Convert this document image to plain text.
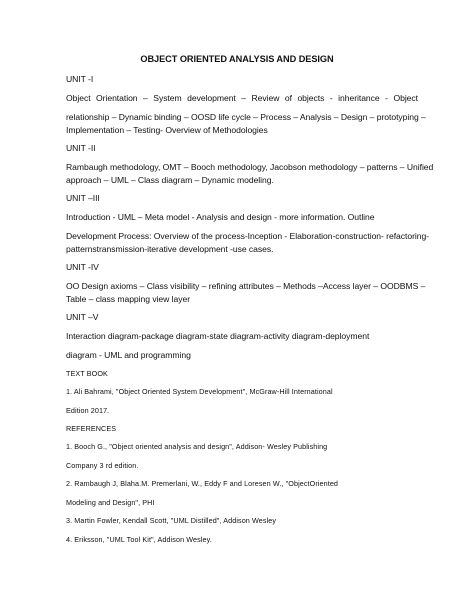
OBJECT ORIENTED ANALYSIS AND DESIGN
UNIT -I
Object Orientation – System development – Review of objects - inheritance - Object
relationship – Dynamic binding – OOSD life cycle – Process – Analysis – Design – prototyping –
Implementation – Testing- Overview of Methodologies
UNIT -II
Rambaugh methodology, OMT – Booch methodology, Jacobson methodology – patterns – Unified
approach – UML – Class diagram – Dynamic modeling.
UNIT –III
Introduction - UML – Meta model - Analysis and design - more information. Outline
Development Process: Overview of the process-Inception - Elaboration-construction- refactoring-
patternstransmission-iterative development -use cases.
UNIT -IV
OO Design axioms – Class visibility – refining attributes – Methods –Access layer – OODBMS –
Table – class mapping view layer
UNIT –V
Interaction diagram-package diagram-state diagram-activity diagram-deployment
diagram - UML and programming
TEXT BOOK
1. Ali Bahrami, "Object Oriented System Development", McGraw-Hill International
Edition 2017.
REFERENCES
1. Booch G., "Object oriented analysis and design", Addison- Wesley Publishing
Company 3 rd edition.
2. Rambaugh J, Blaha.M. Premerlani, W., Eddy F and Loresen W., "ObjectOriented
Modeling and Design", PHI
3. Martin Fowler, Kendall Scott, "UML Distilled", Addison Wesley
4. Eriksson, "UML Tool Kit", Addison Wesley.
